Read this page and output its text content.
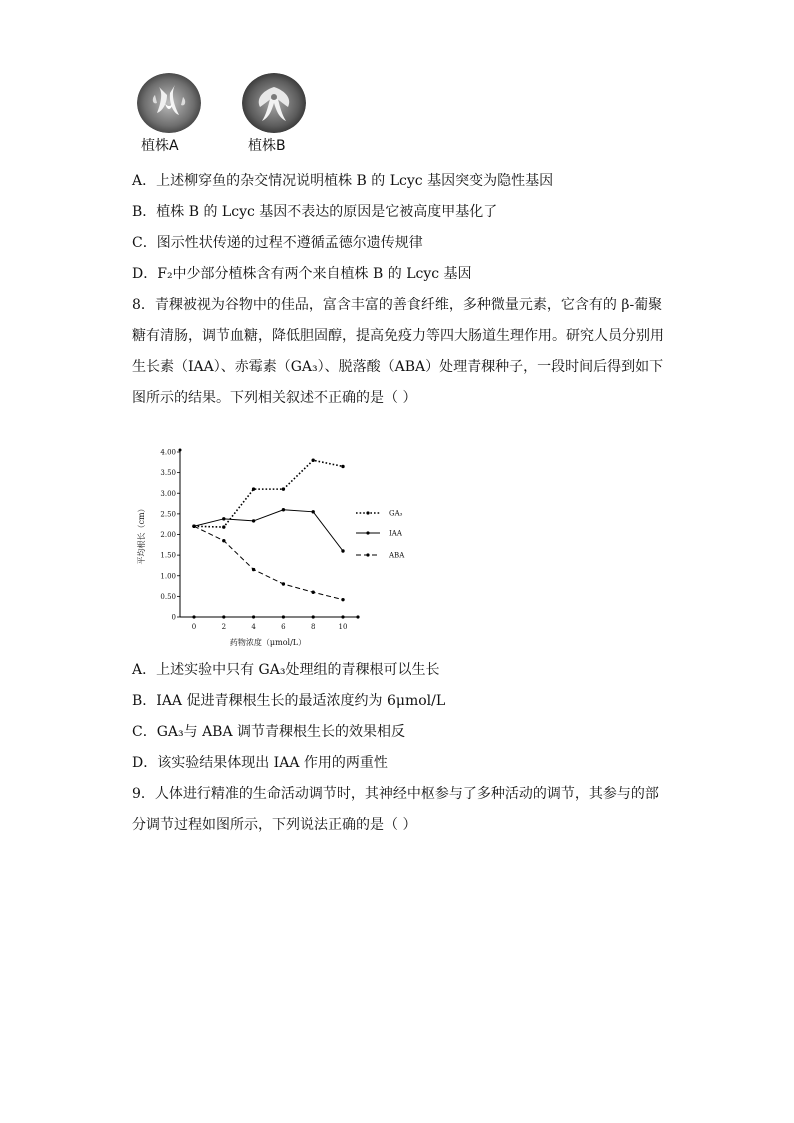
植株A	植株B
A．上述柳穿鱼的杂交情况说明植株 B 的 Lcyc 基因突变为隐性基因
B．植株 B 的 Lcyc 基因不表达的原因是它被高度甲基化了
C．图示性状传递的过程不遵循孟德尔遗传规律
D．F₂中少部分植株含有两个来自植株 B 的 Lcyc 基因
8．青稞被视为谷物中的佳品，富含丰富的善食纤维，多种微量元素，它含有的 β-葡聚
糖有清肠，调节血糖，降低胆固醇，提高免疫力等四大肠道生理作用。研究人员分别用
生长素（IAA）、赤霉素（GA₃）、脱落酸（ABA）处理青稞种子，一段时间后得到如下
图所示的结果。下列相关叙述不正确的是（ ）
0
0.50
1.00
1.50
2.00
2.50
3.00
3.50
4.00
0	2	4	6	8	10
药物浓度（μmol/L）
平均根长（cm）	GA₃
IAA
ABA
A．上述实验中只有 GA₃处理组的青稞根可以生长
B．IAA 促进青稞根生长的最适浓度约为 6μmol/L
C．GA₃与 ABA 调节青稞根生长的效果相反
D．该实验结果体现出 IAA 作用的两重性
9．人体进行精准的生命活动调节时，其神经中枢参与了多种活动的调节，其参与的部
分调节过程如图所示，下列说法正确的是（ ）
